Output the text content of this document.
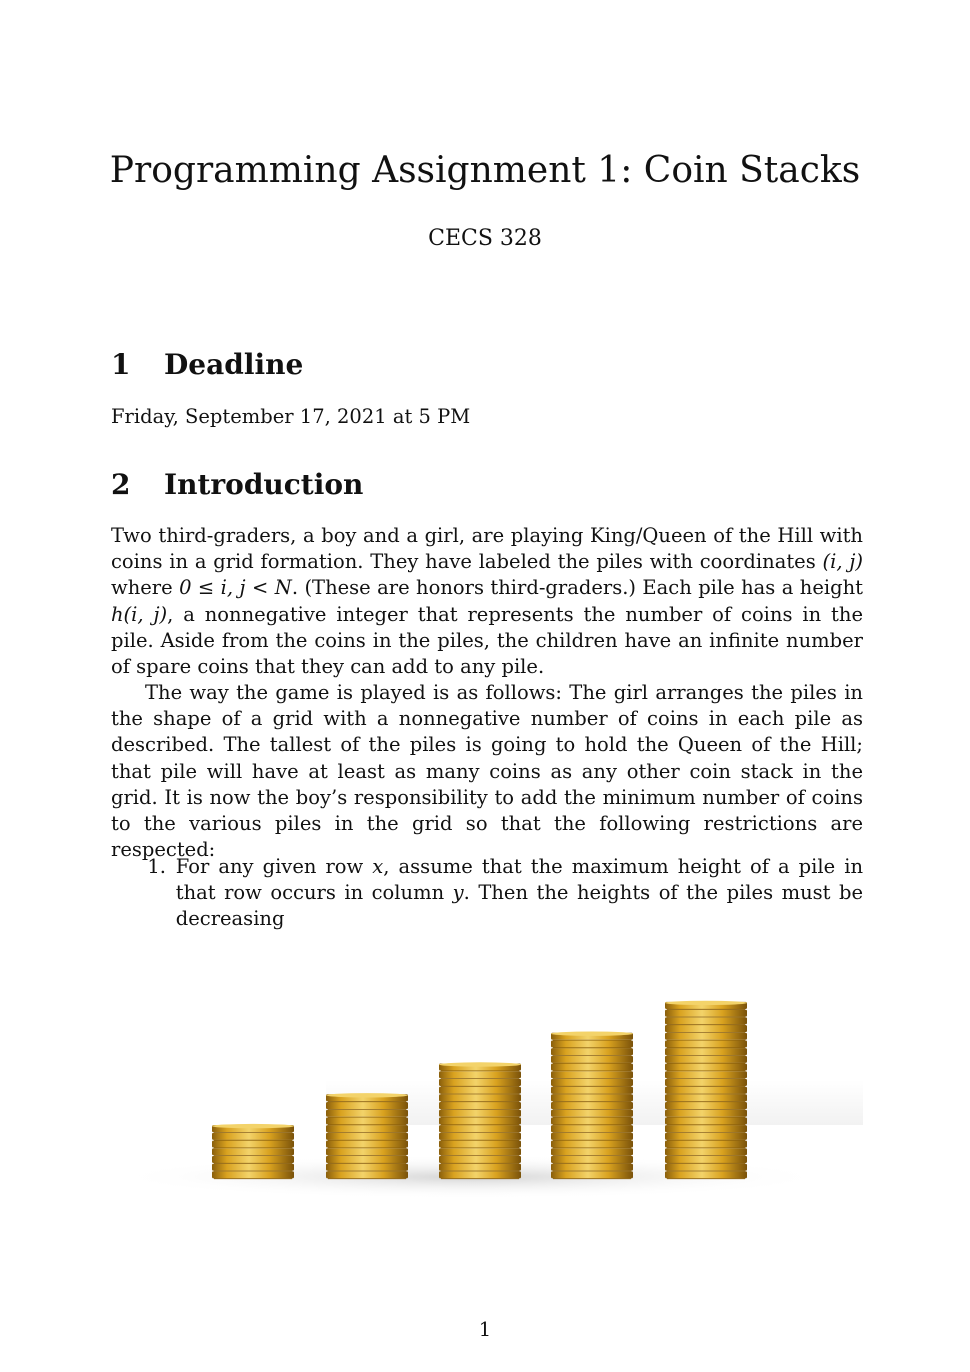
Programming Assignment 1: Coin Stacks
CECS 328
1 Deadline

Friday, September 17, 2021 at 5 PM

2 Introduction

Two third-graders, a boy and a girl, are playing King/Queen of the Hill with coins in a grid formation. They have labeled the piles with coordinates (i, j) where 0 ≤ i, j < N. (These are honors third-graders.) Each pile has a height h(i, j), a nonnegative integer that represents the number of coins in the pile. Aside from the coins in the piles, the children have an infinite number of spare coins that they can add to any pile.

The way the game is played is as follows: The girl arranges the piles in the shape of a grid with a nonnegative number of coins in each pile as described. The tallest of the piles is going to hold the Queen of the Hill; that pile will have at least as many coins as any other coin stack in the grid. It is now the boy’s responsibility to add the minimum number of coins to the various piles in the grid so that the following restrictions are respected:

1. For any given row x, assume that the maximum height of a pile in that row occurs in column y. Then the heights of the piles must be decreasing
1
